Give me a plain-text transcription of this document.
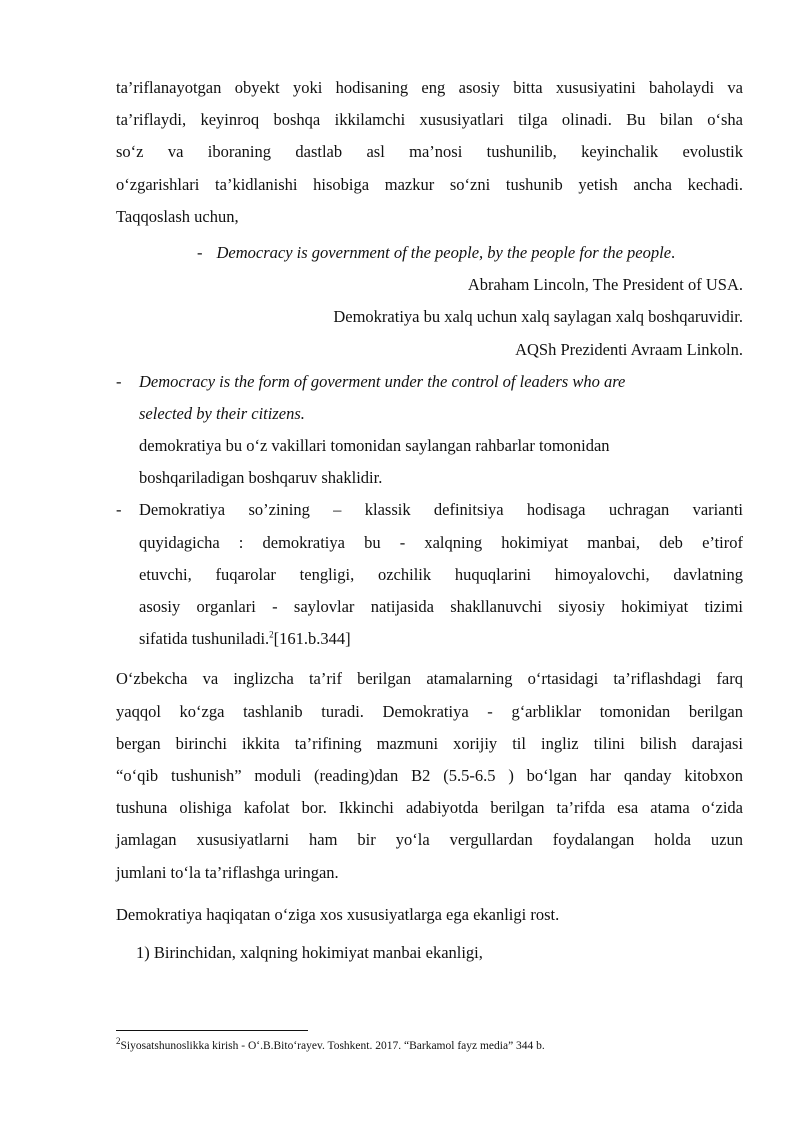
ta’riflanayotgan obyekt yoki hodisaning eng asosiy bitta xususiyatini baholaydi va
ta’riflaydi, keyinroq boshqa ikkilamchi xususiyatlari tilga olinadi. Bu bilan o‘sha
so‘z va iboraning dastlab asl ma’nosi tushunilib, keyinchalik evolustik
o‘zgarishlari ta’kidlanishi hisobiga mazkur so‘zni tushunib yetish ancha kechadi.
Taqqoslash uchun,
- Democracy is government of the people, by the people for the people.
Abraham Lincoln, The President of USA.
Demokratiya bu xalq uchun xalq saylagan xalq boshqaruvidir.
AQSh Prezidenti Avraam Linkoln.
- Democracy is the form of goverment under the control of leaders who are
selected by their citizens.
demokratiya bu o‘z vakillari tomonidan saylangan rahbarlar tomonidan
boshqariladigan boshqaruv shaklidir.
- Demokratiya so’zining – klassik definitsiya hodisaga uchragan varianti
quyidagicha : demokratiya bu - xalqning hokimiyat manbai, deb e’tirof
etuvchi, fuqarolar tengligi, ozchilik huquqlarini himoyalovchi, davlatning
asosiy organlari - saylovlar natijasida shakllanuvchi siyosiy hokimiyat tizimi
sifatida tushuniladi.$^2$[161.b.344]
O‘zbekcha va inglizcha ta’rif berilgan atamalarning o‘rtasidagi ta’riflashdagi farq
yaqqol ko‘zga tashlanib turadi. Demokratiya - g‘arbliklar tomonidan berilgan
bergan birinchi ikkita ta’rifining mazmuni xorijiy til ingliz tilini bilish darajasi
“o‘qib tushunish” moduli (reading)dan B2 (5.5-6.5 ) bo‘lgan har qanday kitobxon
tushuna olishiga kafolat bor. Ikkinchi adabiyotda berilgan ta’rifda esa atama o‘zida
jamlagan xususiyatlarni ham bir yo‘la vergullardan foydalangan holda uzun
jumlani to‘la ta’riflashga uringan.
Demokratiya haqiqatan o‘ziga xos xususiyatlarga ega ekanligi rost.
1) Birinchidan, xalqning hokimiyat manbai ekanligi,
$^2$Siyosatshunoslikka kirish - O‘.B.Bito‘rayev. Toshkent. 2017. “Barkamol fayz media” 344 b.
